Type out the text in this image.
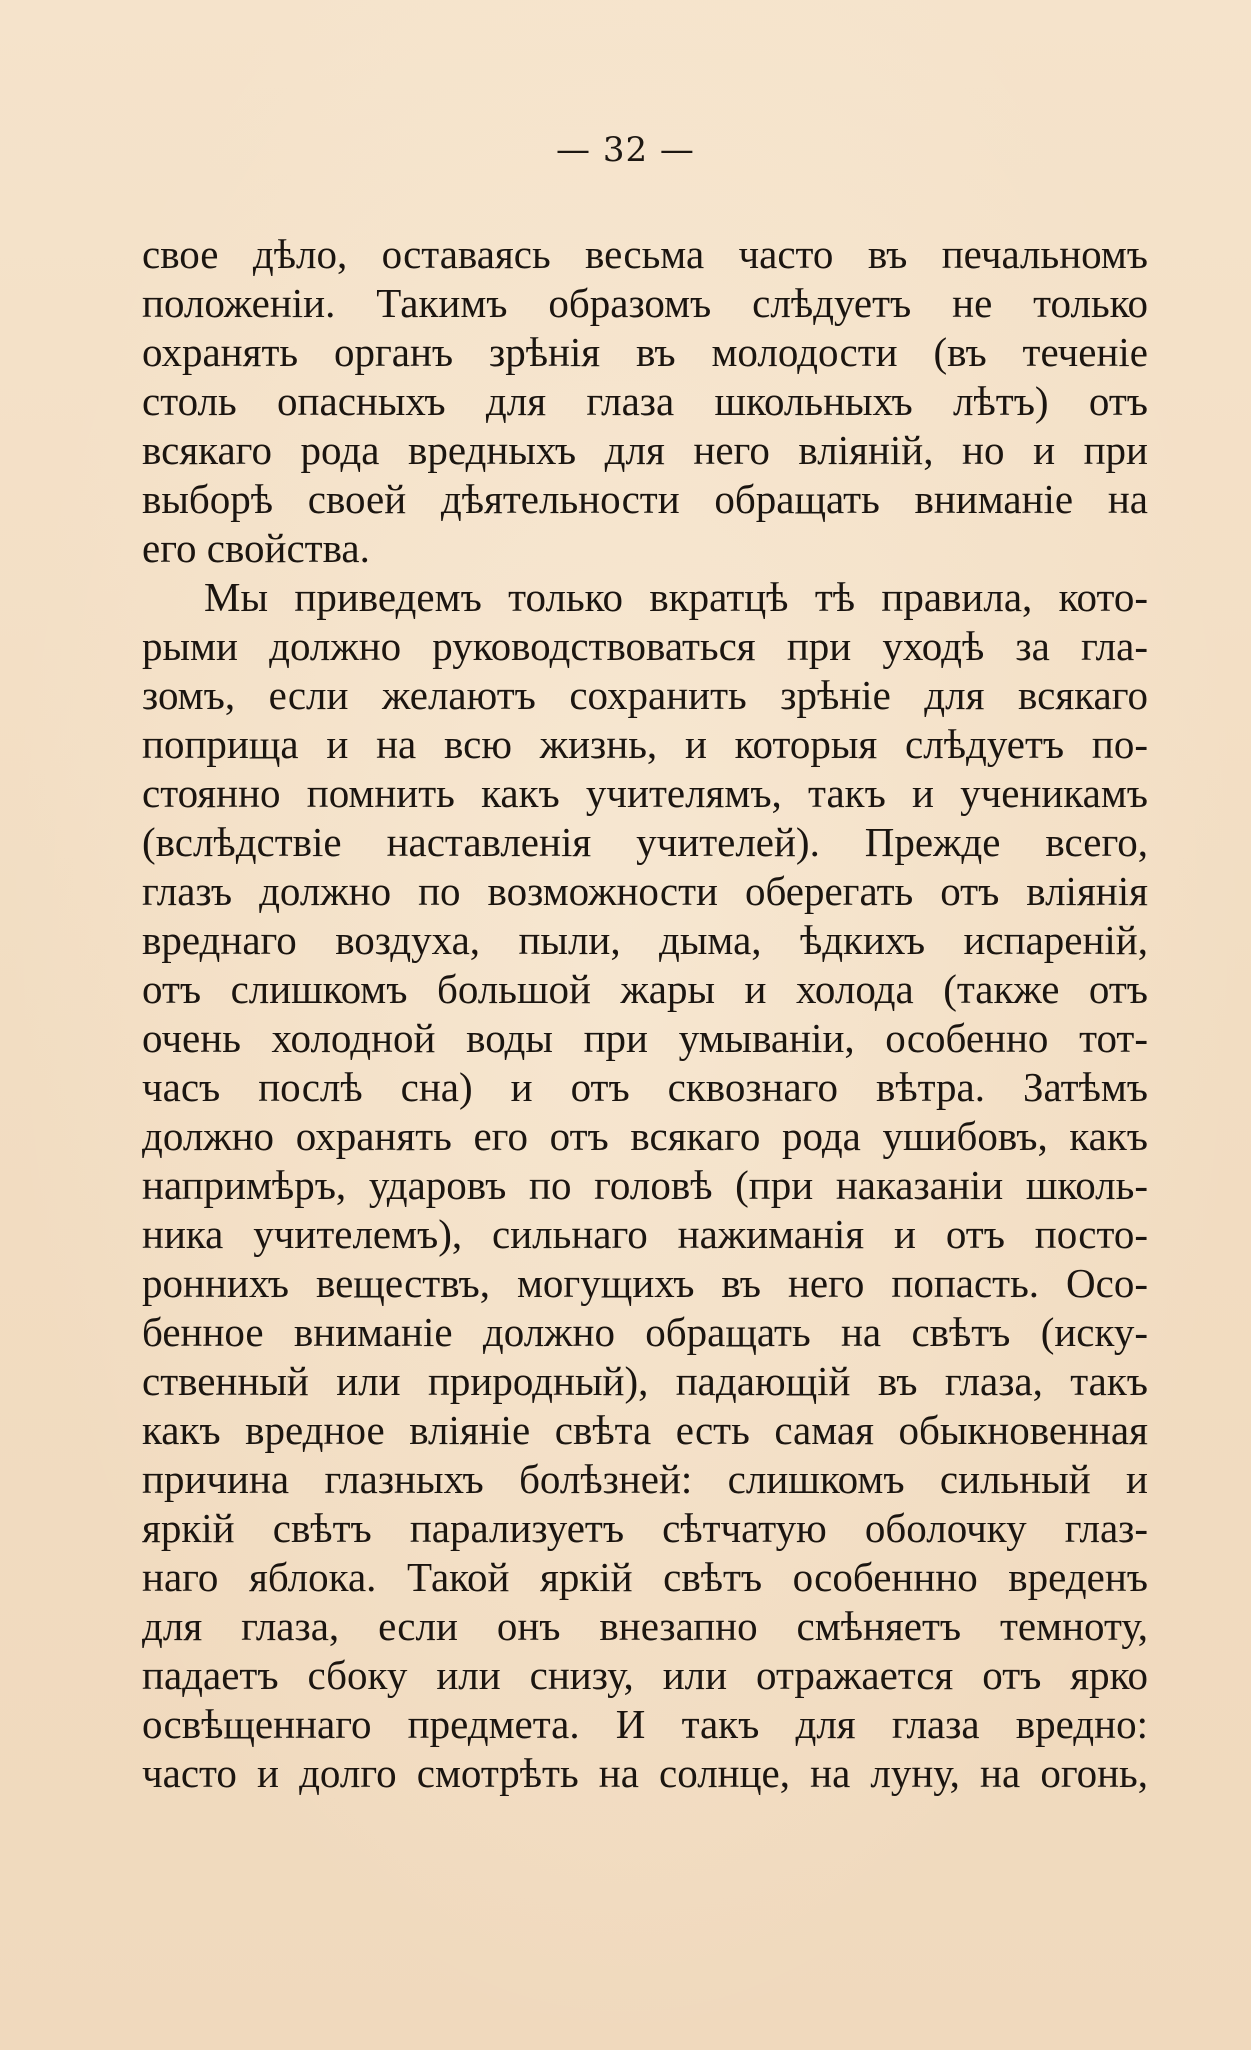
— 32 —
свое дѣло, оставаясь весьма часто въ печальномъ
положеніи. Такимъ образомъ слѣдуетъ не только
охранять органъ зрѣнія въ молодости (въ теченіе
столь опасныхъ для глаза школьныхъ лѣтъ) отъ
всякаго рода вредныхъ для него вліяній, но и при
выборѣ своей дѣятельности обращать вниманіе на
его свойства.
Мы приведемъ только вкратцѣ тѣ правила, кото-
рыми должно руководствоваться при уходѣ за гла-
зомъ, если желаютъ сохранить зрѣніе для всякаго
поприща и на всю жизнь, и которыя слѣдуетъ по-
стоянно помнить какъ учителямъ, такъ и ученикамъ
(вслѣдствіе наставленія учителей). Прежде всего,
глазъ должно по возможности оберегать отъ вліянія
вреднаго воздуха, пыли, дыма, ѣдкихъ испареній,
отъ слишкомъ большой жары и холода (также отъ
очень холодной воды при умываніи, особенно тот-
часъ послѣ сна) и отъ сквознаго вѣтра. Затѣмъ
должно охранять его отъ всякаго рода ушибовъ, какъ
напримѣръ, ударовъ по головѣ (при наказаніи школь-
ника учителемъ), сильнаго нажиманія и отъ посто-
роннихъ веществъ, могущихъ въ него попасть. Осо-
бенное вниманіе должно обращать на свѣтъ (иску-
ственный или природный), падающій въ глаза, такъ
какъ вредное вліяніе свѣта есть самая обыкновенная
причина глазныхъ болѣзней: слишкомъ сильный и
яркій свѣтъ парализуетъ сѣтчатую оболочку глаз-
наго яблока. Такой яркій свѣтъ особеннно вреденъ
для глаза, если онъ внезапно смѣняетъ темноту,
падаетъ сбоку или снизу, или отражается отъ ярко
освѣщеннаго предмета. И такъ для глаза вредно:
часто и долго смотрѣть на солнце, на луну, на огонь,
